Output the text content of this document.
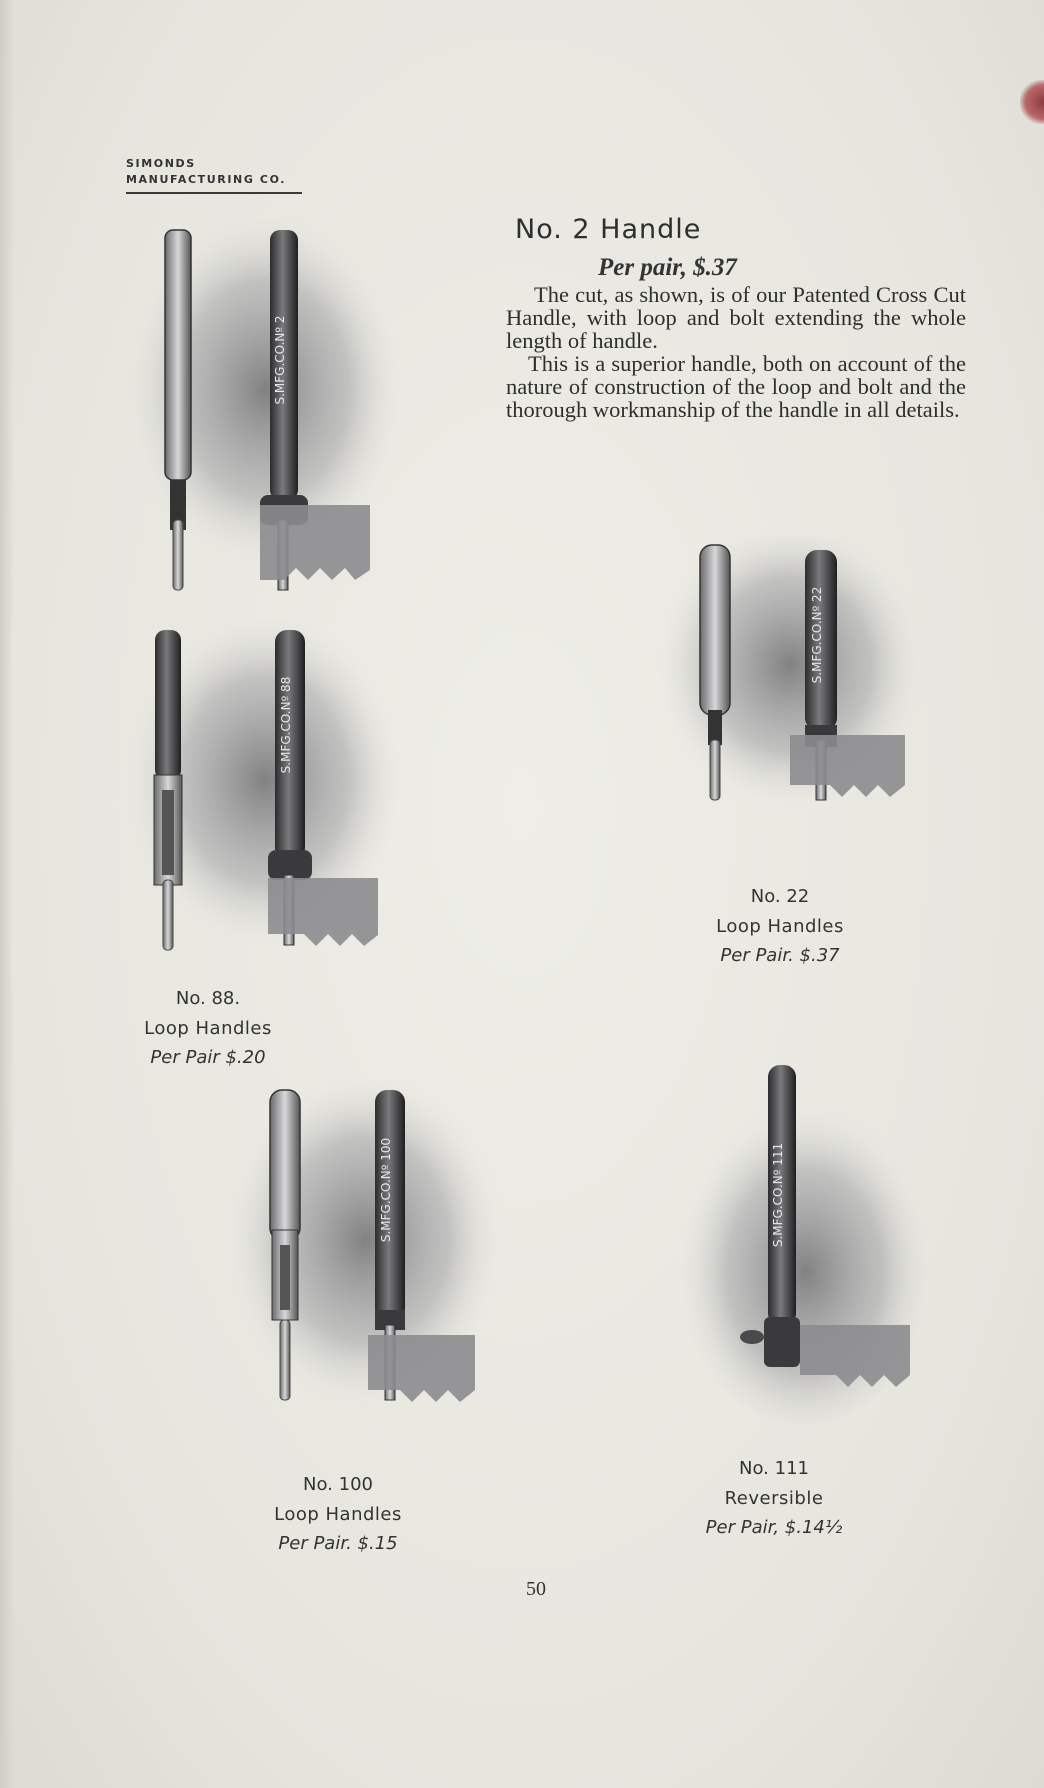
SIMONDS
MANUFACTURING CO.
No. 2 Handle
Per pair, $.37

The cut, as shown, is of our Patented Cross Cut Handle, with loop and bolt extending the whole length of handle.

This is a superior handle, both on account of the nature of construction of the loop and bolt and the thorough workmanship of the handle in all details.

S.MFG.CO.Nº 2
S.MFG.CO.Nº 22
No. 22
Loop Handles
Per Pair. $.37
S.MFG.CO.Nº 88
No. 88.
Loop Handles
Per Pair $.20
S.MFG.CO.Nº 100
No. 100
Loop Handles
Per Pair. $.15
S.MFG.CO.Nº 111
No. 111
Reversible
Per Pair, $.14½
50
